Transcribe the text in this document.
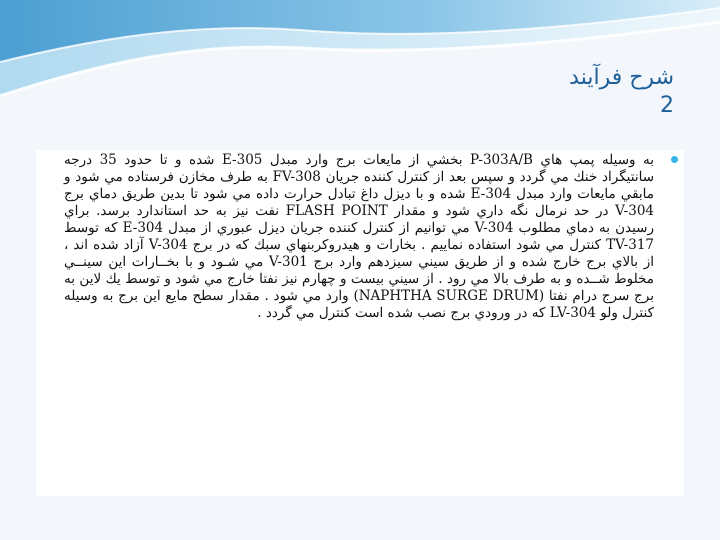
شرح فرآيند
2

به وسيله پمپ هاي P-303A/B بخشي از مايعات برج وارد مبدل E-305 شده و تا حدود 35 درجه سانتيگراد خنك مي گردد و سپس بعد از كنترل كننده جريان FV-308 به طرف مخازن فرستاده مي شود و مابقي مايعات وارد مبدل E-304 شده و با ديزل داغ تبادل حرارت داده مي شود تا بدين طريق دماي برج V-304 در حد نرمال نگه داري شود و مقدار FLASH POINT نفت نيز به حد استاندارد برسد. براي رسيدن به دماي مطلوب V-304 مي توانيم از كنترل كننده جريان ديزل عبوري از مبدل E-304 كه توسط TV-317 كنترل مي شود استفاده نماييم . بخارات و هيدروكربنهاي سبك كه در برج V-304 آزاد شده اند ، از بالاي برج خارج شده و از طريق سيني سيزدهم وارد برج V-301 مي شـود و با بخــارات اين سينــي مخلوط شــده و به طرف بالا مي رود . از سيني بيست و چهارم نيز نفتا خارج مي شود و توسط يك لاين به برج سرج درام نفتا (NAPHTHA SURGE DRUM) وارد مي شود . مقدار سطح مايع اين برج به وسيله كنترل ولو LV-304 كه در ورودي برج نصب شده است كنترل مي گردد .
